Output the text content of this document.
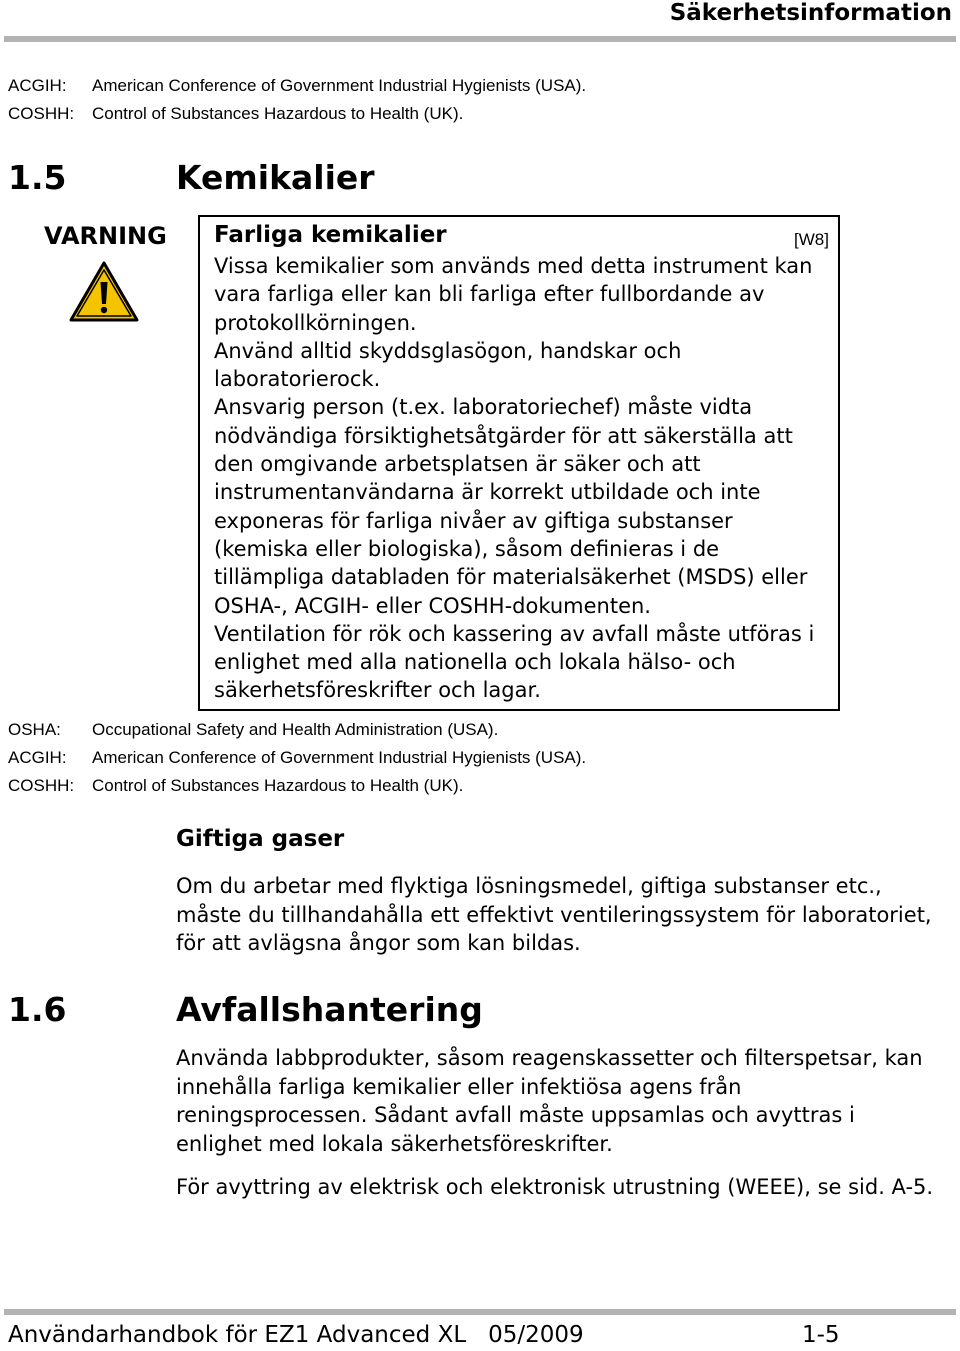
Säkerhetsinformation
ACGIH: American Conference of Government Industrial Hygienists (USA).
COSHH: Control of Substances Hazardous to Health (UK).
1.5	Kemikalier
VARNING Farliga kemikalier	[W8]

Vissa kemikalier som används med detta instrument kan

vara farliga eller kan bli farliga efter fullbordande av

protokollkörningen.

Använd alltid skyddsglasögon, handskar och

laboratorierock.

Ansvarig person (t.ex. laboratoriechef) måste vidta

nödvändiga försiktighetsåtgärder för att säkerställa att

den omgivande arbetsplatsen är säker och att

instrumentanvändarna är korrekt utbildade och inte

exponeras för farliga nivåer av giftiga substanser

(kemiska eller biologiska), såsom definieras i de

tillämpliga databladen för materialsäkerhet (MSDS) eller

OSHA-, ACGIH- eller COSHH-dokumenten.

Ventilation för rök och kassering av avfall måste utföras i

enlighet med alla nationella och lokala hälso- och

säkerhetsföreskrifter och lagar.

OSHA: Occupational Safety and Health Administration (USA).
ACGIH: American Conference of Government Industrial Hygienists (USA).
COSHH: Control of Substances Hazardous to Health (UK).
Giftiga gaser
Om du arbetar med flyktiga lösningsmedel, giftiga substanser etc.,
måste du tillhandahålla ett effektivt ventileringssystem för laboratoriet,
för att avlägsna ångor som kan bildas.
1.6	Avfallshantering
Använda labbprodukter, såsom reagenskassetter och filterspetsar, kan
innehålla farliga kemikalier eller infektiösa agens från
reningsprocessen. Sådant avfall måste uppsamlas och avyttras i
enlighet med lokala säkerhetsföreskrifter.
För avyttring av elektrisk och elektronisk utrustning (WEEE), se sid. A-5.
Användarhandbok för EZ1 Advanced XL   05/2009	1-5
